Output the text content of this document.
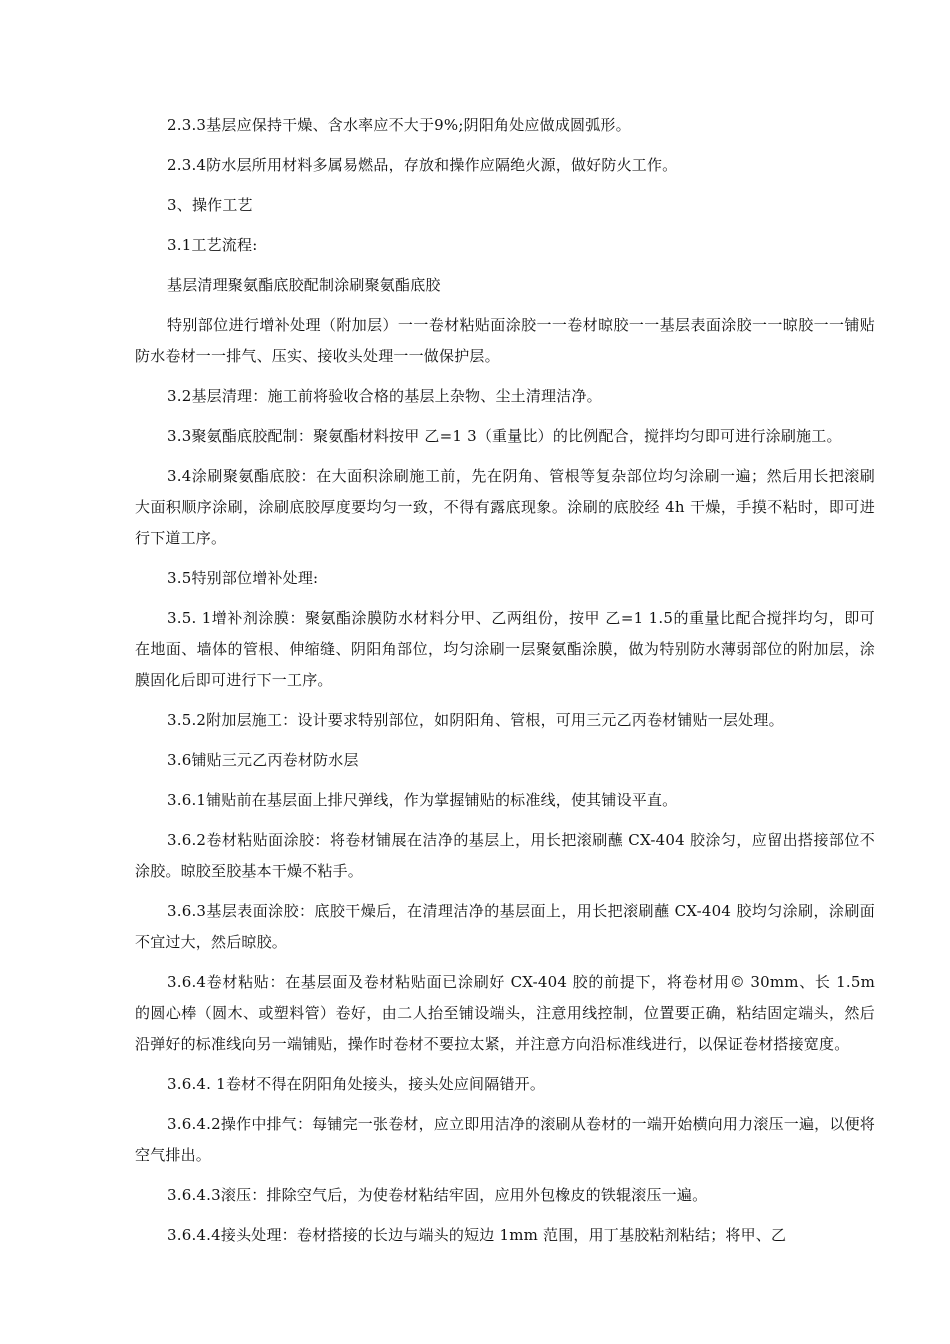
2.3.3基层应保持干燥、含水率应不大于9%;阴阳角处应做成圆弧形。

2.3.4防水层所用材料多属易燃品，存放和操作应隔绝火源，做好防火工作。

3、操作工艺

3.1工艺流程:

基层清理聚氨酯底胶配制涂刷聚氨酯底胶

特别部位进行增补处理（附加层）一一卷材粘贴面涂胶一一卷材晾胶一一基层表面涂胶一一晾胶一一铺贴防水卷材一一排气、压实、接收头处理一一做保护层。

3.2基层清理：施工前将验收合格的基层上杂物、尘土清理洁净。

3.3聚氨酯底胶配制：聚氨酯材料按甲 乙=1 3（重量比）的比例配合，搅拌均匀即可进行涂刷施工。

3.4涂刷聚氨酯底胶：在大面积涂刷施工前，先在阴角、管根等复杂部位均匀涂刷一遍；然后用长把滚刷大面积顺序涂刷，涂刷底胶厚度要均匀一致，不得有露底现象。涂刷的底胶经 4h 干燥，手摸不粘时，即可进行下道工序。

3.5特别部位增补处理:

3.5. 1增补剂涂膜：聚氨酯涂膜防水材料分甲、乙两组份，按甲 乙=1 1.5的重量比配合搅拌均匀，即可在地面、墙体的管根、伸缩缝、阴阳角部位，均匀涂刷一层聚氨酯涂膜，做为特别防水薄弱部位的附加层，涂膜固化后即可进行下一工序。

3.5.2附加层施工：设计要求特别部位，如阴阳角、管根，可用三元乙丙卷材铺贴一层处理。

3.6铺贴三元乙丙卷材防水层

3.6.1铺贴前在基层面上排尺弹线，作为掌握铺贴的标准线，使其铺设平直。

3.6.2卷材粘贴面涂胶：将卷材铺展在洁净的基层上，用长把滚刷蘸 CX-404 胶涂匀，应留出搭接部位不涂胶。晾胶至胶基本干燥不粘手。

3.6.3基层表面涂胶：底胶干燥后，在清理洁净的基层面上，用长把滚刷蘸 CX-404 胶均匀涂刷，涂刷面不宜过大，然后晾胶。

3.6.4卷材粘贴：在基层面及卷材粘贴面已涂刷好 CX-404 胶的前提下，将卷材用© 30mm、长 1.5m 的圆心棒（圆木、或塑料管）卷好，由二人抬至铺设端头，注意用线控制，位置要正确，粘结固定端头，然后沿弹好的标准线向另一端铺贴，操作时卷材不要拉太紧，并注意方向沿标准线进行，以保证卷材搭接宽度。

3.6.4. 1卷材不得在阴阳角处接头，接头处应间隔错开。

3.6.4.2操作中排气：每铺完一张卷材，应立即用洁净的滚刷从卷材的一端开始横向用力滚压一遍，以便将空气排出。

3.6.4.3滚压：排除空气后，为使卷材粘结牢固，应用外包橡皮的铁辊滚压一遍。

3.6.4.4接头处理：卷材搭接的长边与端头的短边 1mm 范围，用丁基胶粘剂粘结；将甲、乙
